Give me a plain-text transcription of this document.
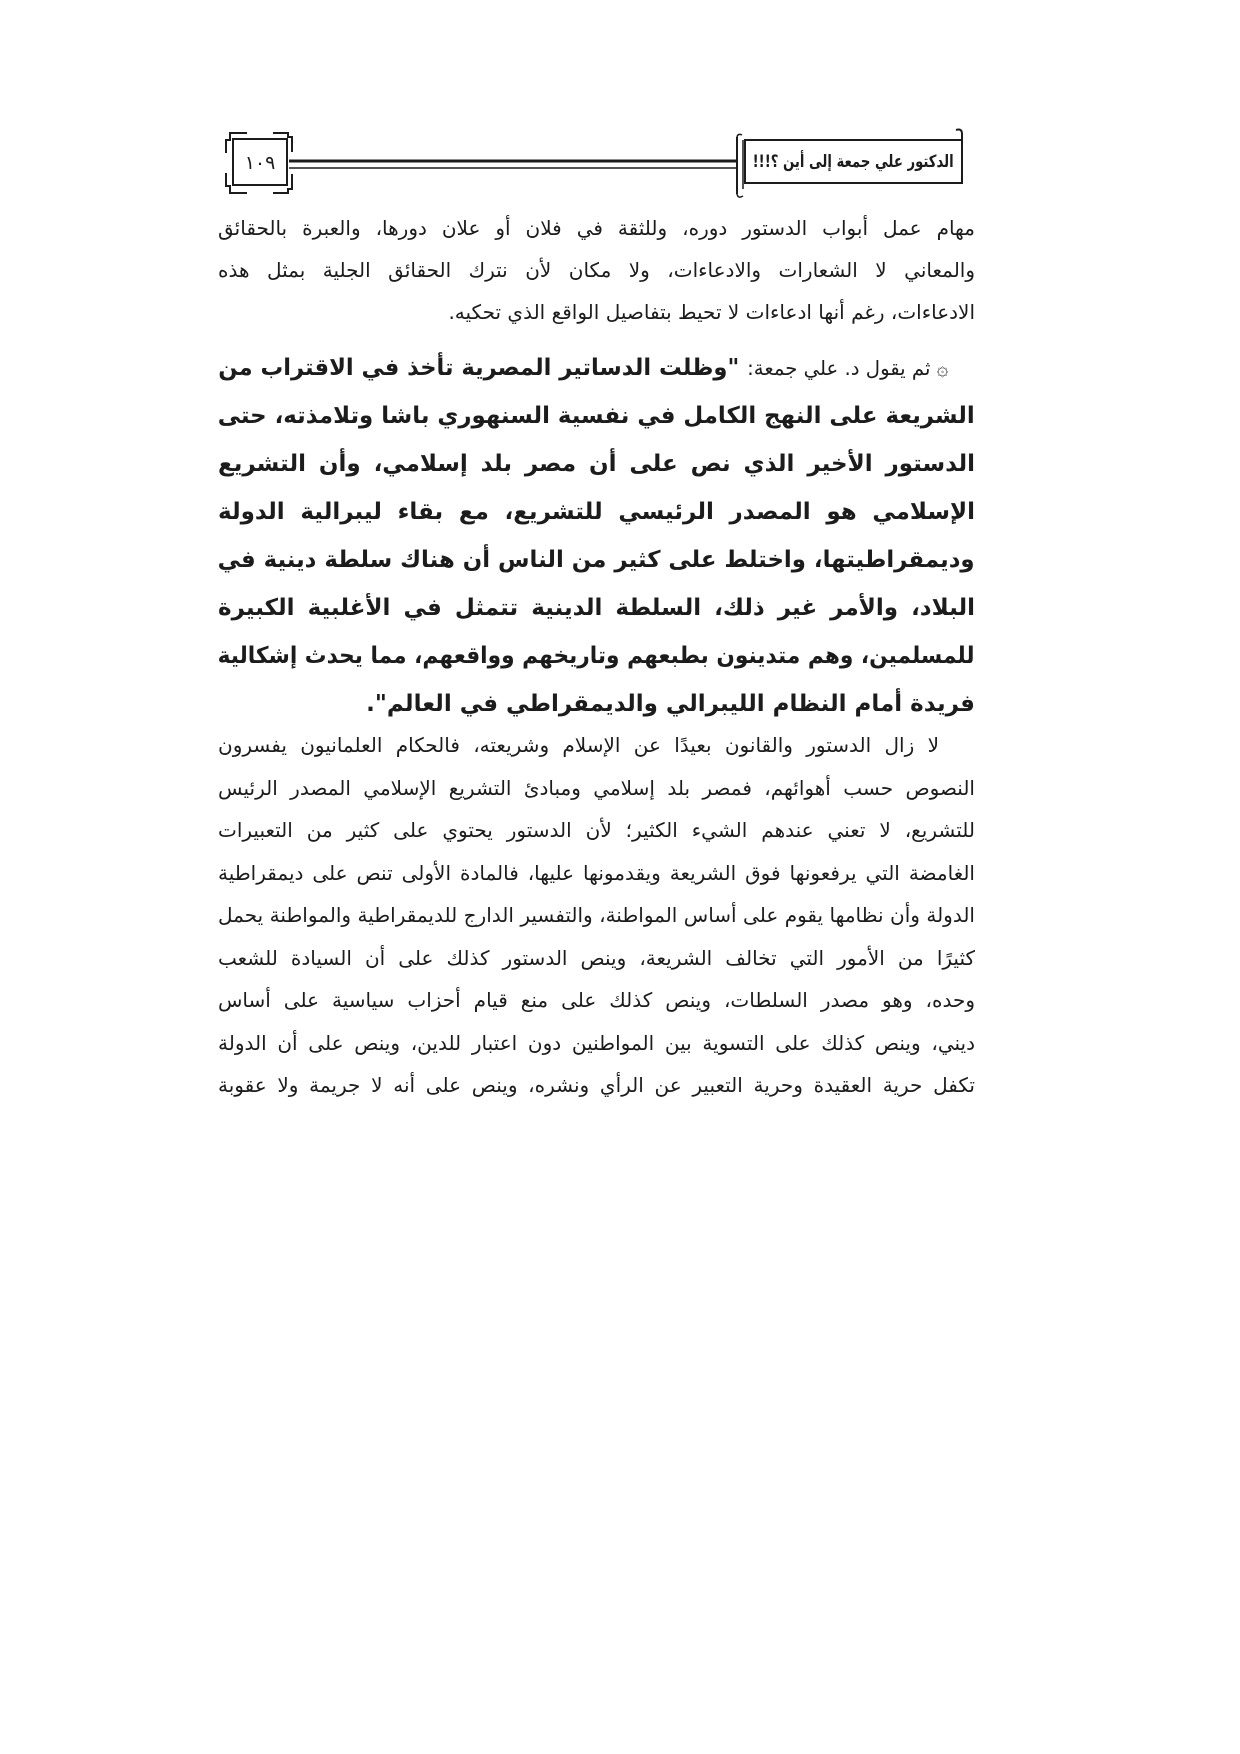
الدكتور علي جمعة إلى أين ؟!!!
١٠٩
مهام عمل أبواب الدستور دوره، وللثقة في فلان أو علان دورها، والعبرة بالحقائق
والمعاني لا الشعارات والادعاءات، ولا مكان لأن نترك الحقائق الجلية بمثل هذه
الادعاءات، رغم أنها ادعاءات لا تحيط بتفاصيل الواقع الذي تحكيه.
۞ ثم يقول د. علي جمعة: "وظلت الدساتير المصرية تأخذ في الاقتراب من
الشريعة على النهج الكامل في نفسية السنهوري باشا وتلامذته، حتى
الدستور الأخير الذي نص على أن مصر بلد إسلامي، وأن التشريع
الإسلامي هو المصدر الرئيسي للتشريع، مع بقاء ليبرالية الدولة
وديمقراطيتها، واختلط على كثير من الناس أن هناك سلطة دينية في
البلاد، والأمر غير ذلك، السلطة الدينية تتمثل في الأغلبية الكبيرة
للمسلمين، وهم متدينون بطبعهم وتاريخهم وواقعهم، مما يحدث إشكالية
فريدة أمام النظام الليبرالي والديمقراطي في العالم".
لا زال الدستور والقانون بعيدًا عن الإسلام وشريعته، فالحكام العلمانيون يفسرون
النصوص حسب أهوائهم، فمصر بلد إسلامي ومبادئ التشريع الإسلامي المصدر الرئيس
للتشريع، لا تعني عندهم الشيء الكثير؛ لأن الدستور يحتوي على كثير من التعبيرات
الغامضة التي يرفعونها فوق الشريعة ويقدمونها عليها، فالمادة الأولى تنص على ديمقراطية
الدولة وأن نظامها يقوم على أساس المواطنة، والتفسير الدارج للديمقراطية والمواطنة يحمل
كثيرًا من الأمور التي تخالف الشريعة، وينص الدستور كذلك على أن السيادة للشعب
وحده، وهو مصدر السلطات، وينص كذلك على منع قيام أحزاب سياسية على أساس
ديني، وينص كذلك على التسوية بين المواطنين دون اعتبار للدين، وينص على أن الدولة
تكفل حرية العقيدة وحرية التعبير عن الرأي ونشره، وينص على أنه لا جريمة ولا عقوبة
